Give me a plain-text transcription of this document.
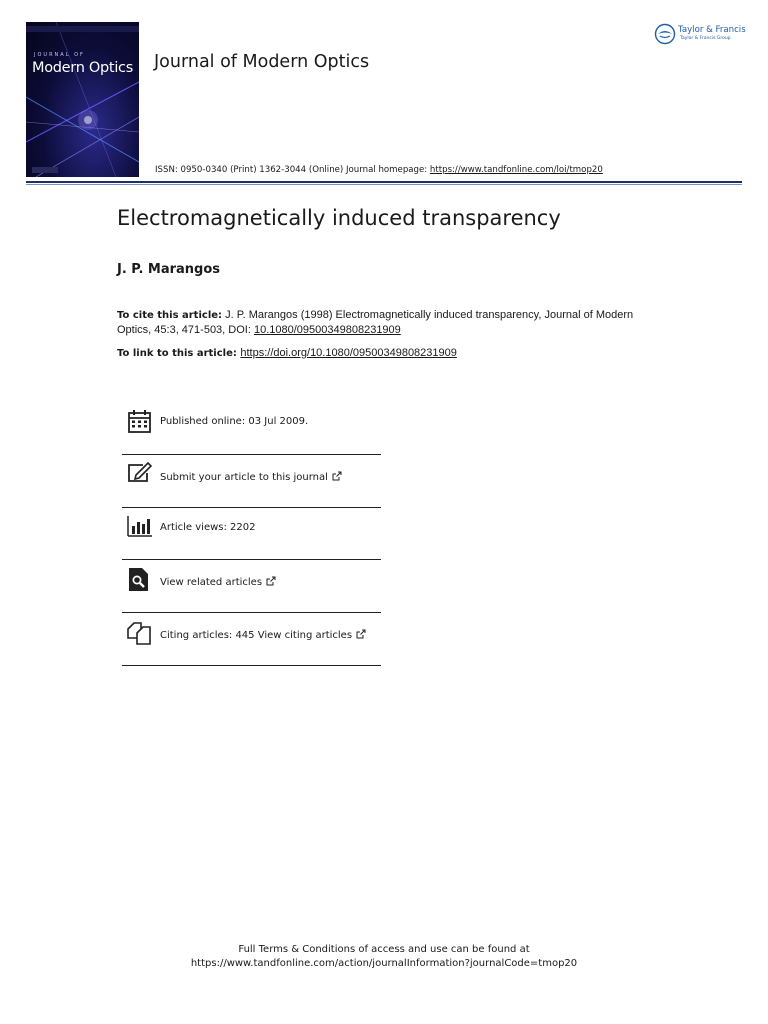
JOURNAL OF
Modern Optics Journal of Modern Optics
ISSN: 0950-0340 (Print) 1362-3044 (Online) Journal homepage: https://www.tandfonline.com/loi/tmop20
Taylor & Francis
Taylor & Francis Group
Electromagnetically induced transparency
J. P. Marangos
To cite this article: J. P. Marangos (1998) Electromagnetically induced transparency, Journal of Modern Optics, 45:3, 471-503, DOI: 10.1080/09500349808231909
To link to this article: https://doi.org/10.1080/09500349808231909
Published online: 03 Jul 2009.
Submit your article to this journal
Article views: 2202
View related articles
Citing articles: 445 View citing articles
Full Terms & Conditions of access and use can be found at
https://www.tandfonline.com/action/journalInformation?journalCode=tmop20
